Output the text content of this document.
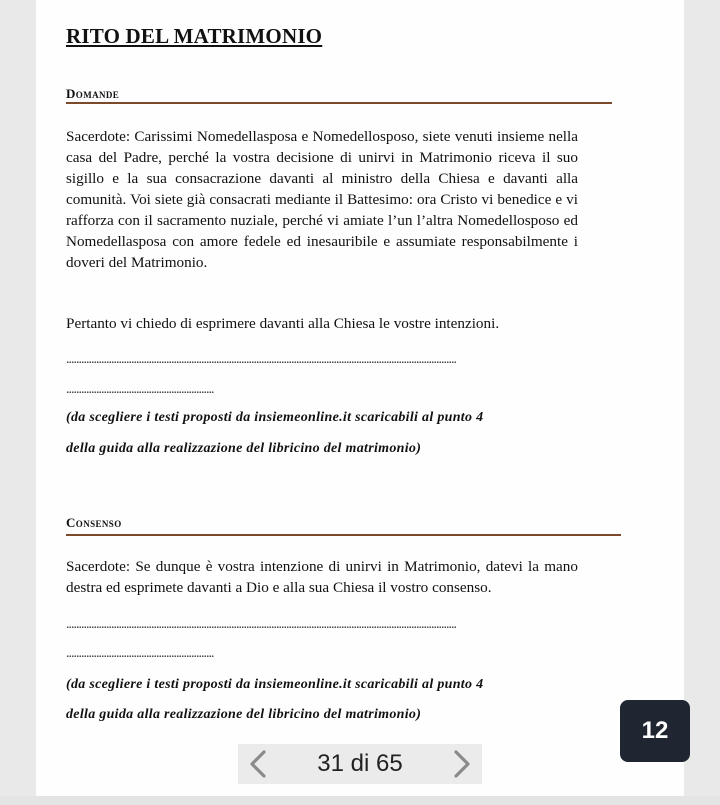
RITO DEL MATRIMONIO
Domande
Sacerdote: Carissimi Nomedellasposa e Nomedellosposo, siete venuti insieme nella casa del Padre, perché la vostra decisione di unirvi in Matrimonio riceva il suo sigillo e la sua consacrazione davanti al ministro della Chiesa e davanti alla comunità. Voi siete già consacrati mediante il Battesimo: ora Cristo vi benedice e vi rafforza con il sacramento nuziale, perché vi amiate l’un l’altra Nomedellosposo ed Nomedellasposa con amore fedele ed inesauribile e assumiate responsabilmente i doveri del Matrimonio.
Pertanto vi chiedo di esprimere davanti alla Chiesa le vostre intenzioni.
............................................................................................................................................................
...........................................................
(da scegliere i testi proposti da insiemeonline.it scaricabili al punto 4
della guida alla realizzazione del libricino del matrimonio)
Consenso
Sacerdote: Se dunque è vostra intenzione di unirvi in Matrimonio, datevi la mano destra ed esprimete davanti a Dio e alla sua Chiesa il vostro consenso.
............................................................................................................................................................
...........................................................
(da scegliere i testi proposti da insiemeonline.it scaricabili al punto 4
della guida alla realizzazione del libricino del matrimonio)
12
31 di 65
